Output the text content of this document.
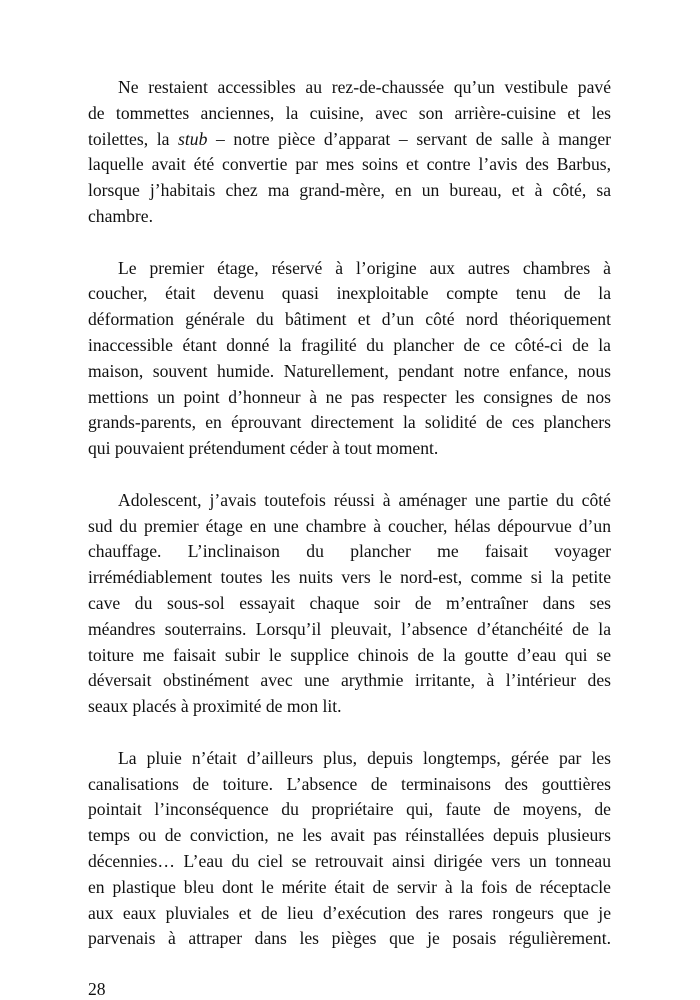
Ne restaient accessibles au rez-de-chaussée qu’un vestibule pavé
de tommettes anciennes, la cuisine, avec son arrière-cuisine et les
toilettes, la stub – notre pièce d’apparat – servant de salle à manger
laquelle avait été convertie par mes soins et contre l’avis des Barbus,
lorsque j’habitais chez ma grand-mère, en un bureau, et à côté, sa
chambre.
Le premier étage, réservé à l’origine aux autres chambres à
coucher, était devenu quasi inexploitable compte tenu de la
déformation générale du bâtiment et d’un côté nord théoriquement
inaccessible étant donné la fragilité du plancher de ce côté-ci de la
maison, souvent humide. Naturellement, pendant notre enfance, nous
mettions un point d’honneur à ne pas respecter les consignes de nos
grands-parents, en éprouvant directement la solidité de ces planchers
qui pouvaient prétendument céder à tout moment.
Adolescent, j’avais toutefois réussi à aménager une partie du côté
sud du premier étage en une chambre à coucher, hélas dépourvue d’un
chauffage. L’inclinaison du plancher me faisait voyager
irrémédiablement toutes les nuits vers le nord-est, comme si la petite
cave du sous-sol essayait chaque soir de m’entraîner dans ses
méandres souterrains. Lorsqu’il pleuvait, l’absence d’étanchéité de la
toiture me faisait subir le supplice chinois de la goutte d’eau qui se
déversait obstinément avec une arythmie irritante, à l’intérieur des
seaux placés à proximité de mon lit.
La pluie n’était d’ailleurs plus, depuis longtemps, gérée par les
canalisations de toiture. L’absence de terminaisons des gouttières
pointait l’inconséquence du propriétaire qui, faute de moyens, de
temps ou de conviction, ne les avait pas réinstallées depuis plusieurs
décennies… L’eau du ciel se retrouvait ainsi dirigée vers un tonneau
en plastique bleu dont le mérite était de servir à la fois de réceptacle
aux eaux pluviales et de lieu d’exécution des rares rongeurs que je
parvenais à attraper dans les pièges que je posais régulièrement.
28
